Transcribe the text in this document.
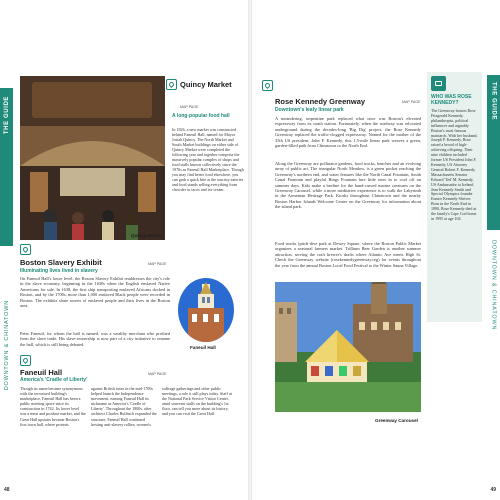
THE GUIDE
DOWNTOWN & CHINATOWN
THE GUIDE
DOWNTOWN & CHINATOWN
Quincy Market
Quincy Market
MAP PAGE
A long-popular food hall
In 1826, a new market was constructed behind Faneuil Hall, named for Mayor Josiah Quincy. The North Market and South Market buildings on either side of Quincy Market were completed the following year and together comprise the massively popular complex of shops and food stalls known collectively since the 1970s as Faneuil Hall Marketplace. Though you may find better food elsewhere, you can grab a quick bite at the touristy eateries and food stands selling everything from chowder to tacos and ice cream.
Boston Slavery Exhibit	MAP PAGE
Illuminating lives lived in slavery
On Faneuil Hall's lower level, the Boston Slavery Exhibit readdresses the city's role in the slave economy, beginning in the 1630s when the English enslaved Native Americans for sale. In 1638, the first ship transporting enslaved Africans docked in Boston, and by the 1700s, more than 1,000 enslaved Black people were recorded in Boston. The exhibits share stories of enslaved people and their lives in the Boston area.
Peter Faneuil, for whom the hall is named, was a wealthy merchant who profited from the slave trade. His slave-ownership is now part of a city initiative to rename the hall, which is still being debated.
Faneuil Hall
Faneuil Hall	MAP PAGE
America's 'Cradle of Liberty'
Though its name became synonymous with the terrorised building's marketplace, Faneuil Hall has been a public meeting space since its construction in 1742. Its lower level was a meat and produce market, and the Great Hall upstairs became Boston's first town hall, where protests
against British taxes in the mid-1700s helped launch the Independence movement, earning Faneuil Hall its nickname as America's 'Cradle of Liberty'. Throughout the 1800s, after architect Charles Bulfinch expanded the structure, Faneuil Hall continued hosting anti-slavery rallies, women's
suffrage gatherings and other public meetings, a role it still plays today. Staff at the National Park Service Visitor Center, amid souvenir stalls on the building's 1st floor, can tell you more about its history, and you can visit the Great Hall.
48
Rose Kennedy Greenway	MAP PAGE
Downtown's leafy linear park
A meandering, serpentine park replaced what once was Boston's elevated expressway from its south station. Fortunately, when the roadway was relocated underground during the decades-long 'Big Dig' project, the Rose Kennedy Greenway replaced the traffic-clogged expressway. Named for the mother of the 35th US president, John F. Kennedy, this 1.5-mile linear park weaves a green, garden-filled path from Chinatown to the North End.
Along the Greenway are pollinator gardens, food trucks, benches and an evolving array of public art. The triangular North Meadow, is a green pocket reaching the Greenway's northern end, and water features like the North Canal Fountain, South Canal Fountain and playful Rings Fountain lure little ones in to cool off on summer days. Kids make a beeline for the hand-carved marine creatures on the Greenway Carousel, while a more meditative experience is to walk the Labyrinth in the Armenian Heritage Park. Kiosks throughout Chinatown and the nearby Boston Harbor Islands Welcome Center on the Greenway for information about the island park.
Food trucks (pitch-dive park at Dewey Square, where the Boston Public Market organizes a seasonal farmers market. Trillium Beer Garden is another summer attraction, serving the craft brewer's drafts where Atlantic Ave meets High St. Check the Greenway website (rosekennedygreenway.org) for events throughout the year from the annual Boston Local Food Festival to the Winter Sauna Village.
Greenway Carousel
WHO WAS ROSE KENNEDY?
The Greenway honors Rose Fitzgerald Kennedy, philanthropist, political influencer and arguably Boston's most famous matriarch. With her husband, Joseph P. Kennedy, Rose raised a brood of high-achieving offspring. Their nine children included former US President John F. Kennedy, US Attorney General Robert F. Kennedy, Massachusetts Senator Edward 'Ted' M. Kennedy, US Ambassador to Ireland Jean Kennedy Smith and Special Olympics founder Eunice Kennedy Shriver. Born in the North End in 1890, Rose Kennedy died at the family's Cape Cod home in 1995 at age 104.
49
